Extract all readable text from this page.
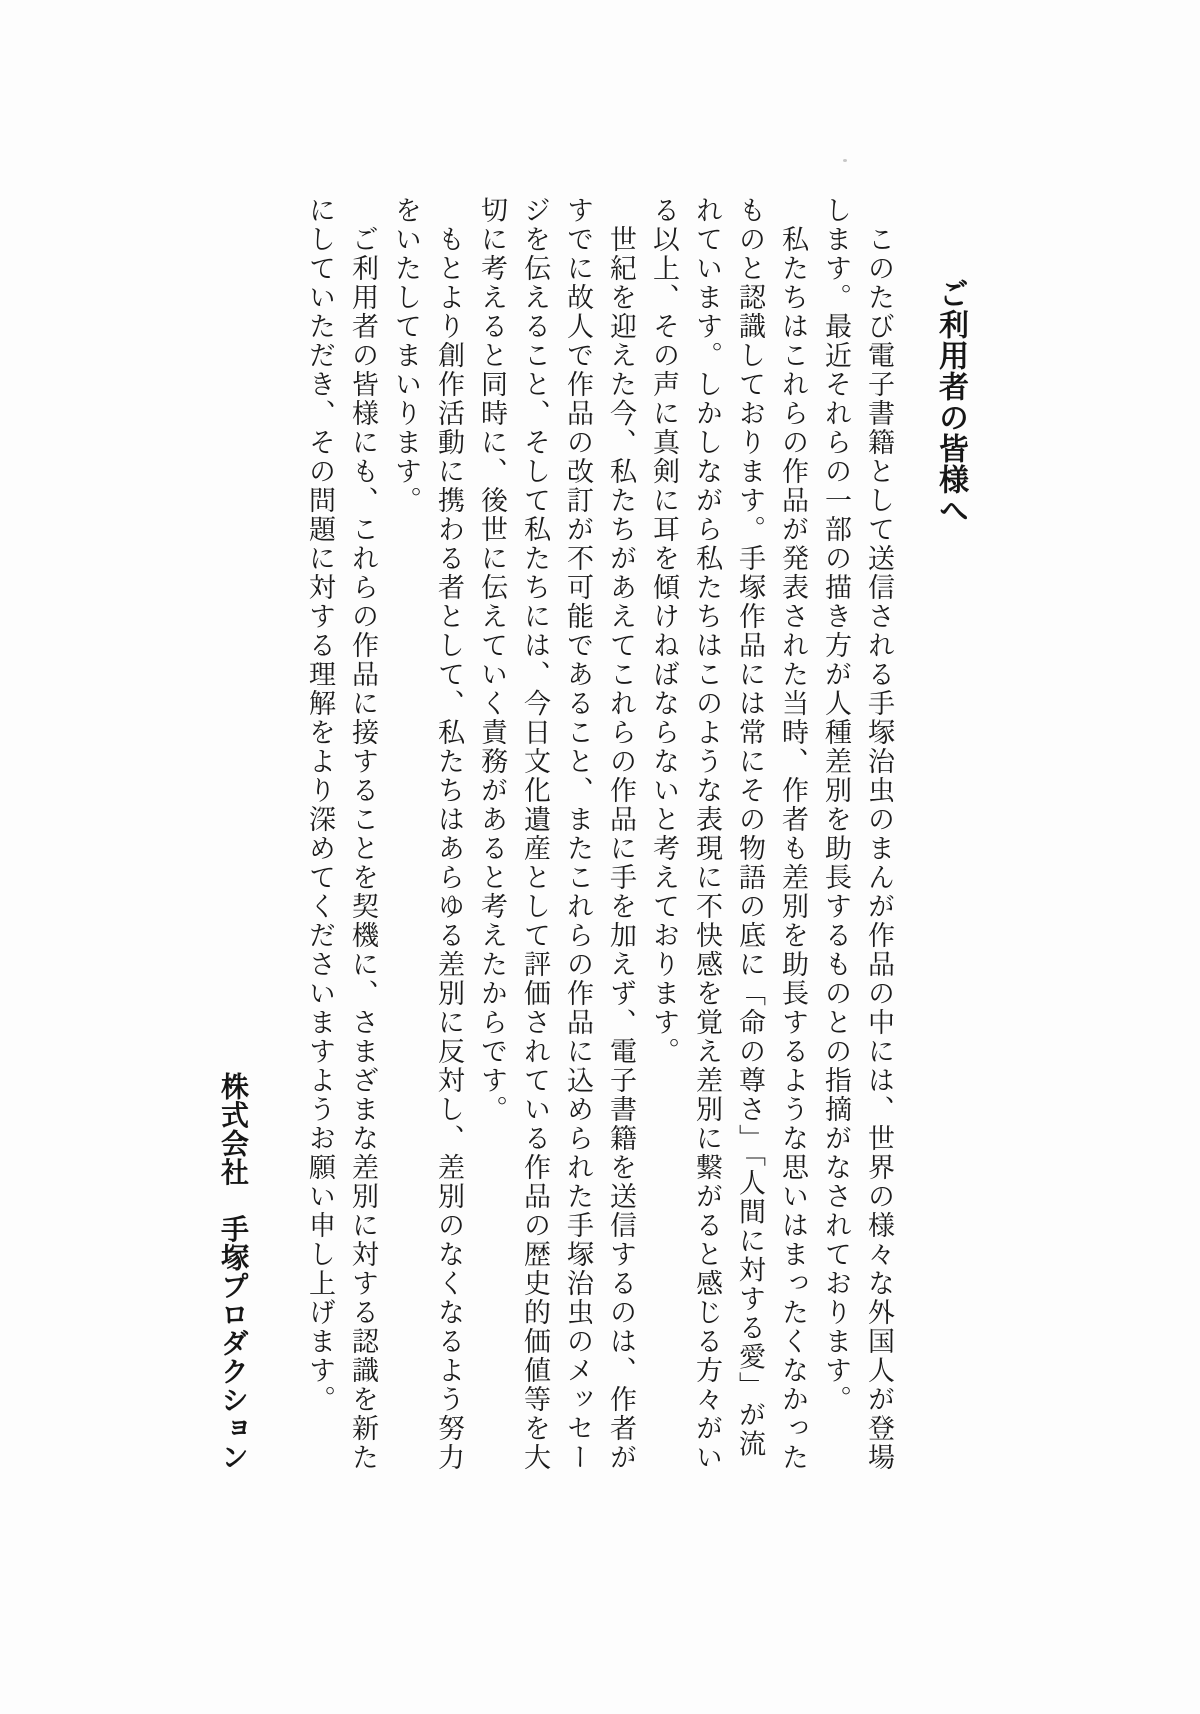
ご利用者の皆様へ
このたび電子書籍として送信される手塚治虫のまんが作品の中には、世界の様々な外国人が登場
します。最近それらの一部の描き方が人種差別を助長するものとの指摘がなされております。
私たちはこれらの作品が発表された当時、作者も差別を助長するような思いはまったくなかった
ものと認識しております。手塚作品には常にその物語の底に「命の尊さ」「人間に対する愛」が流
れています。しかしながら私たちはこのような表現に不快感を覚え差別に繋がると感じる方々がい
る以上、その声に真剣に耳を傾けねばならないと考えております。
世紀を迎えた今、私たちがあえてこれらの作品に手を加えず、電子書籍を送信するのは、作者が
すでに故人で作品の改訂が不可能であること、またこれらの作品に込められた手塚治虫のメッセー
ジを伝えること、そして私たちには、今日文化遺産として評価されている作品の歴史的価値等を大
切に考えると同時に、後世に伝えていく責務があると考えたからです。
もとより創作活動に携わる者として、私たちはあらゆる差別に反対し、差別のなくなるよう努力
をいたしてまいります。
ご利用者の皆様にも、これらの作品に接することを契機に、さまざまな差別に対する認識を新た
にしていただき、その問題に対する理解をより深めてくださいますようお願い申し上げます。
株式会社　手塚プロダクション
